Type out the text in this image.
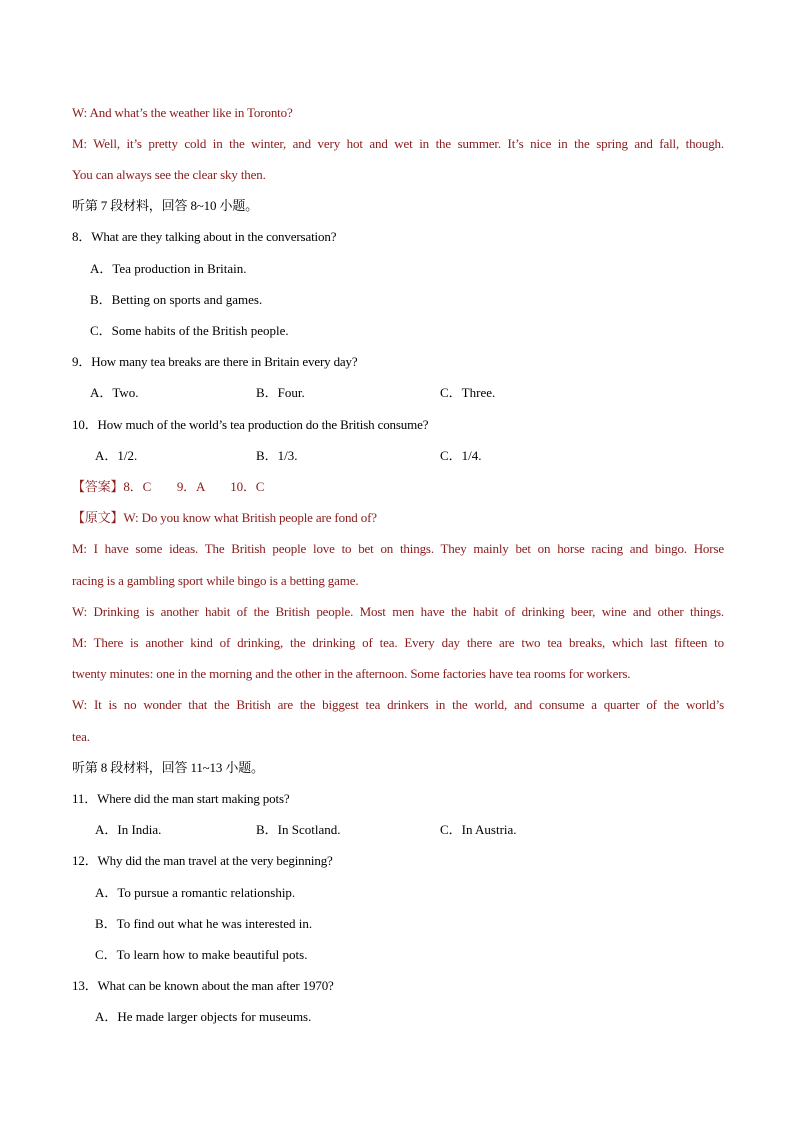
W: And what’s the weather like in Toronto?
M: Well, it’s pretty cold in the winter, and very hot and wet in the summer. It’s nice in the spring and fall, though.
You can always see the clear sky then.
听第 7 段材料，回答 8~10 小题。
8．What are they talking about in the conversation?
A．Tea production in Britain.
B．Betting on sports and games.
C．Some habits of the British people.
9．How many tea breaks are there in Britain every day?
A．Two.	B．Four.	C．Three.
10．How much of the world’s tea production do the British consume?
A．1/2.	B．1/3.	C．1/4.
【答案】8．C　　9．A　　10．C
【原文】W: Do you know what British people are fond of?
M: I have some ideas. The British people love to bet on things. They mainly bet on horse racing and bingo. Horse
racing is a gambling sport while bingo is a betting game.
W: Drinking is another habit of the British people. Most men have the habit of drinking beer, wine and other things.
M: There is another kind of drinking, the drinking of tea. Every day there are two tea breaks, which last fifteen to
twenty minutes: one in the morning and the other in the afternoon. Some factories have tea rooms for workers.
W: It is no wonder that the British are the biggest tea drinkers in the world, and consume a quarter of the world’s
tea.
听第 8 段材料，回答 11~13 小题。
11．Where did the man start making pots?
A．In India.	B．In Scotland.	C．In Austria.
12．Why did the man travel at the very beginning?
A．To pursue a romantic relationship.
B．To find out what he was interested in.
C．To learn how to make beautiful pots.
13．What can be known about the man after 1970?
A．He made larger objects for museums.
